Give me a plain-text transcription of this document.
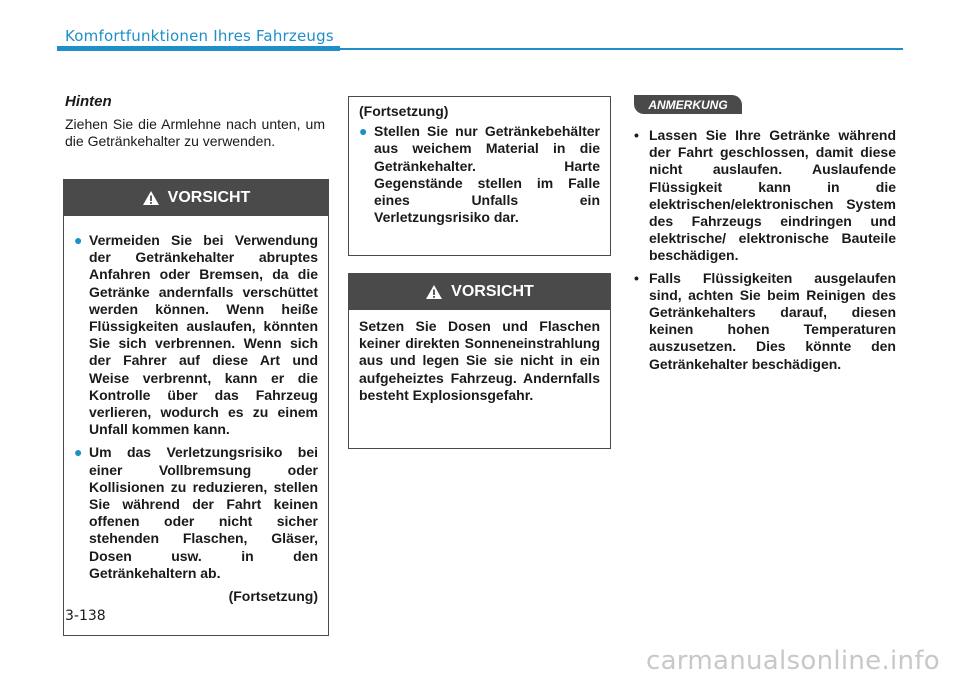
Komfortfunktionen Ihres Fahrzeugs
Hinten
Ziehen Sie die Armlehne nach unten, um die Getränkehalter zu verwenden.
VORSICHT
● Vermeiden Sie bei Verwendung der Getränkehalter abruptes Anfahren oder Bremsen, da die Getränke andernfalls verschüttet werden können. Wenn heiße Flüssigkeiten auslaufen, könnten Sie sich verbrennen. Wenn sich der Fahrer auf diese Art und Weise verbrennt, kann er die Kontrolle über das Fahrzeug verlieren, wodurch es zu einem Unfall kommen kann.
● Um das Verletzungsrisiko bei einer Vollbremsung oder Kollisionen zu reduzieren, stellen Sie während der Fahrt keinen offenen oder nicht sicher stehenden Flaschen, Gläser, Dosen usw. in den Getränkehaltern ab.
(Fortsetzung)
(Fortsetzung)
● Stellen Sie nur Getränkebehälter aus weichem Material in die Getränkehalter. Harte Gegenstände stellen im Falle eines Unfalls ein Verletzungsrisiko dar.
VORSICHT
Setzen Sie Dosen und Flaschen keiner direkten Sonneneinstrahlung aus und legen Sie sie nicht in ein aufgeheiztes Fahrzeug. Andernfalls besteht Explosionsgefahr.
ANMERKUNG
• Lassen Sie Ihre Getränke während der Fahrt geschlossen, damit diese nicht auslaufen. Auslaufende Flüssigkeit kann in die elektrischen/elektronischen System des Fahrzeugs eindringen und elektrische/ elektronische Bauteile beschädigen.
• Falls Flüssigkeiten ausgelaufen sind, achten Sie beim Reinigen des Getränkehalters darauf, diesen keinen hohen Temperaturen auszusetzen. Dies könnte den Getränkehalter beschädigen.
3-138
carmanualsonline.info
